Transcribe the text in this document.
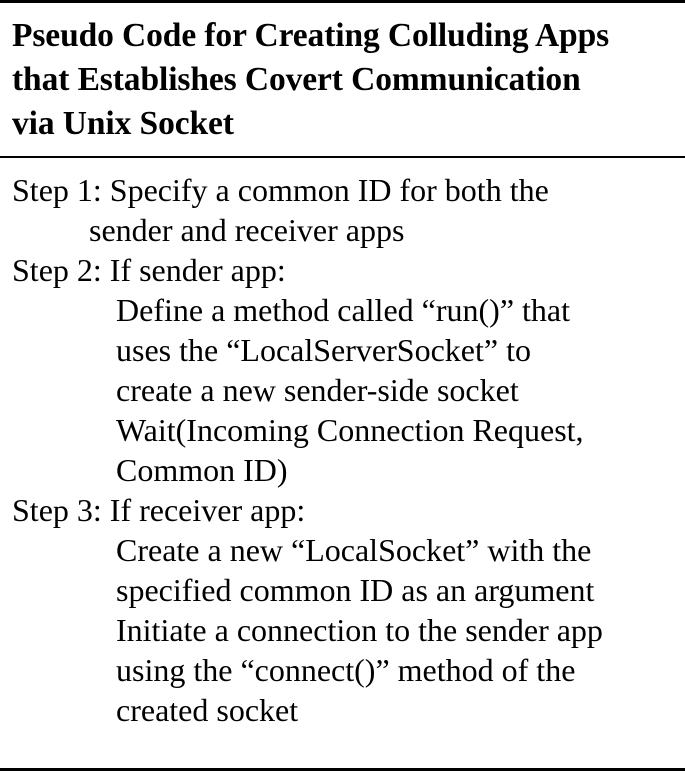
Pseudo Code for Creating Colluding Apps
that Establishes Covert Communication
via Unix Socket
Step 1: Specify a common ID for both the
sender and receiver apps
Step 2: If sender app:
Define a method called “run()” that
uses the “LocalServerSocket” to
create a new sender-side socket
Wait(Incoming Connection Request,
Common ID)
Step 3: If receiver app:
Create a new “LocalSocket” with the
specified common ID as an argument
Initiate a connection to the sender app
using the “connect()” method of the
created socket
